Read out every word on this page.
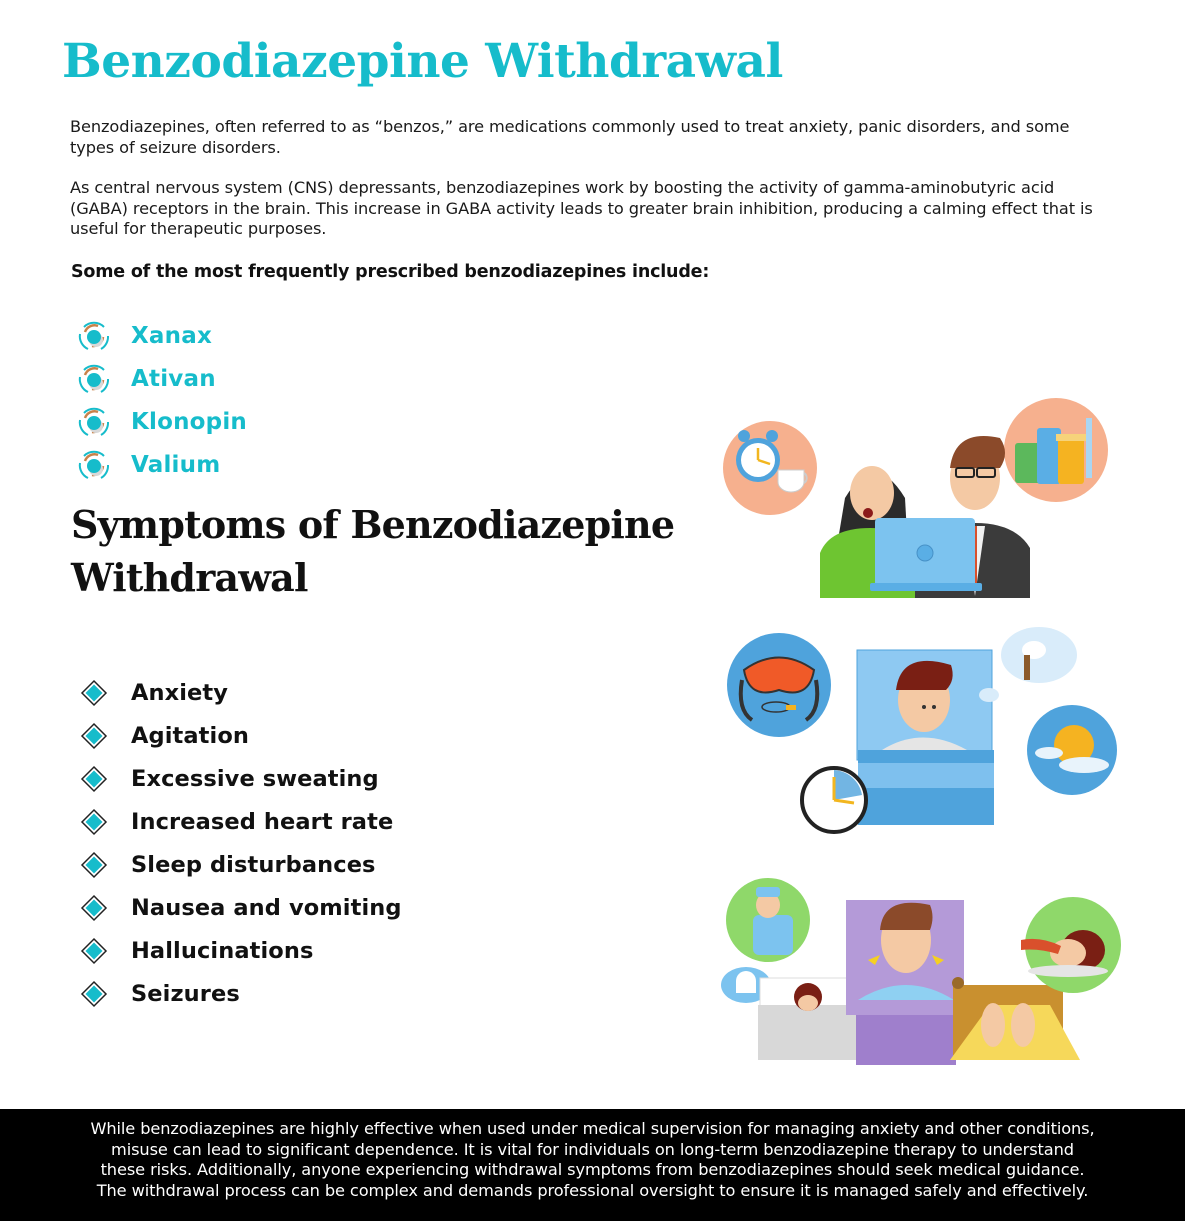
Benzodiazepine Withdrawal

Benzodiazepines, often referred to as “benzos,” are medications commonly used to treat anxiety, panic disorders, and some types of seizure disorders.

As central nervous system (CNS) depressants, benzodiazepines work by boosting the activity of gamma-aminobutyric acid (GABA) receptors in the brain. This increase in GABA activity leads to greater brain inhibition, producing a calming effect that is useful for therapeutic purposes.

Some of the most frequently prescribed benzodiazepines include:
Xanax
Ativan
Klonopin
Valium
Symptoms of Benzodiazepine Withdrawal
Anxiety
Agitation
Excessive sweating
Increased heart rate
Sleep disturbances
Nausea and vomiting
Hallucinations
Seizures
While benzodiazepines are highly effective when used under medical supervision for managing anxiety and other conditions,
misuse can lead to significant dependence. It is vital for individuals on long-term benzodiazepine therapy to understand
these risks. Additionally, anyone experiencing withdrawal symptoms from benzodiazepines should seek medical guidance.
The withdrawal process can be complex and demands professional oversight to ensure it is managed safely and effectively.
